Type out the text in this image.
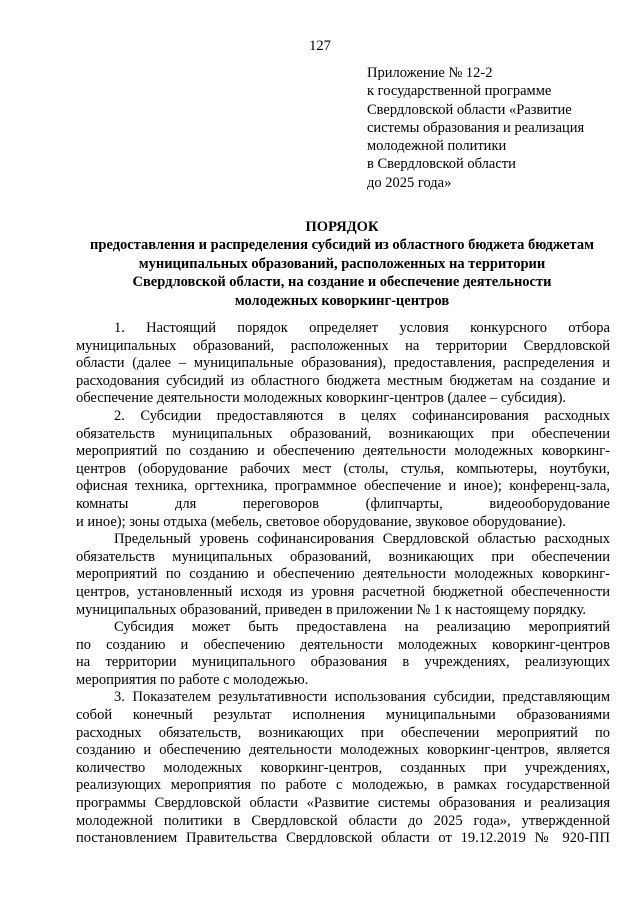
127
Приложение № 12-2
к государственной программе
Свердловской области «Развитие
системы образования и реализация
молодежной политики
в Свердловской области
до 2025 года»
ПОРЯДОК
предоставления и распределения субсидий из областного бюджета бюджетам
муниципальных образований, расположенных на территории
Свердловской области, на создание и обеспечение деятельности
молодежных коворкинг-центров
1. Настоящий порядок определяет условия конкурсного отбора
муниципальных образований, расположенных на территории Свердловской
области (далее – муниципальные образования), предоставления, распределения и
расходования субсидий из областного бюджета местным бюджетам на создание и
обеспечение деятельности молодежных коворкинг-центров (далее – субсидия).
2. Субсидии предоставляются в целях софинансирования расходных
обязательств муниципальных образований, возникающих при обеспечении
мероприятий по созданию и обеспечению деятельности молодежных коворкинг-
центров (оборудование рабочих мест (столы, стулья, компьютеры, ноутбуки,
офисная техника, оргтехника, программное обеспечение и иное); конференц-зала,
комнаты для переговоров (флипчарты, видеооборудование
и иное); зоны отдыха (мебель, световое оборудование, звуковое оборудование).
Предельный уровень софинансирования Свердловской областью расходных
обязательств муниципальных образований, возникающих при обеспечении
мероприятий по созданию и обеспечению деятельности молодежных коворкинг-
центров, установленный исходя из уровня расчетной бюджетной обеспеченности
муниципальных образований, приведен в приложении № 1 к настоящему порядку.
Субсидия может быть предоставлена на реализацию мероприятий
по созданию и обеспечению деятельности молодежных коворкинг-центров
на территории муниципального образования в учреждениях, реализующих
мероприятия по работе с молодежью.
3. Показателем результативности использования субсидии, представляющим
собой конечный результат исполнения муниципальными образованиями
расходных обязательств, возникающих при обеспечении мероприятий по
созданию и обеспечению деятельности молодежных коворкинг-центров, является
количество молодежных коворкинг-центров, созданных при учреждениях,
реализующих мероприятия по работе с молодежью, в рамках государственной
программы Свердловской области «Развитие системы образования и реализация
молодежной политики в Свердловской области до 2025 года», утвержденной
постановлением Правительства Свердловской области от 19.12.2019 № 920-ПП
